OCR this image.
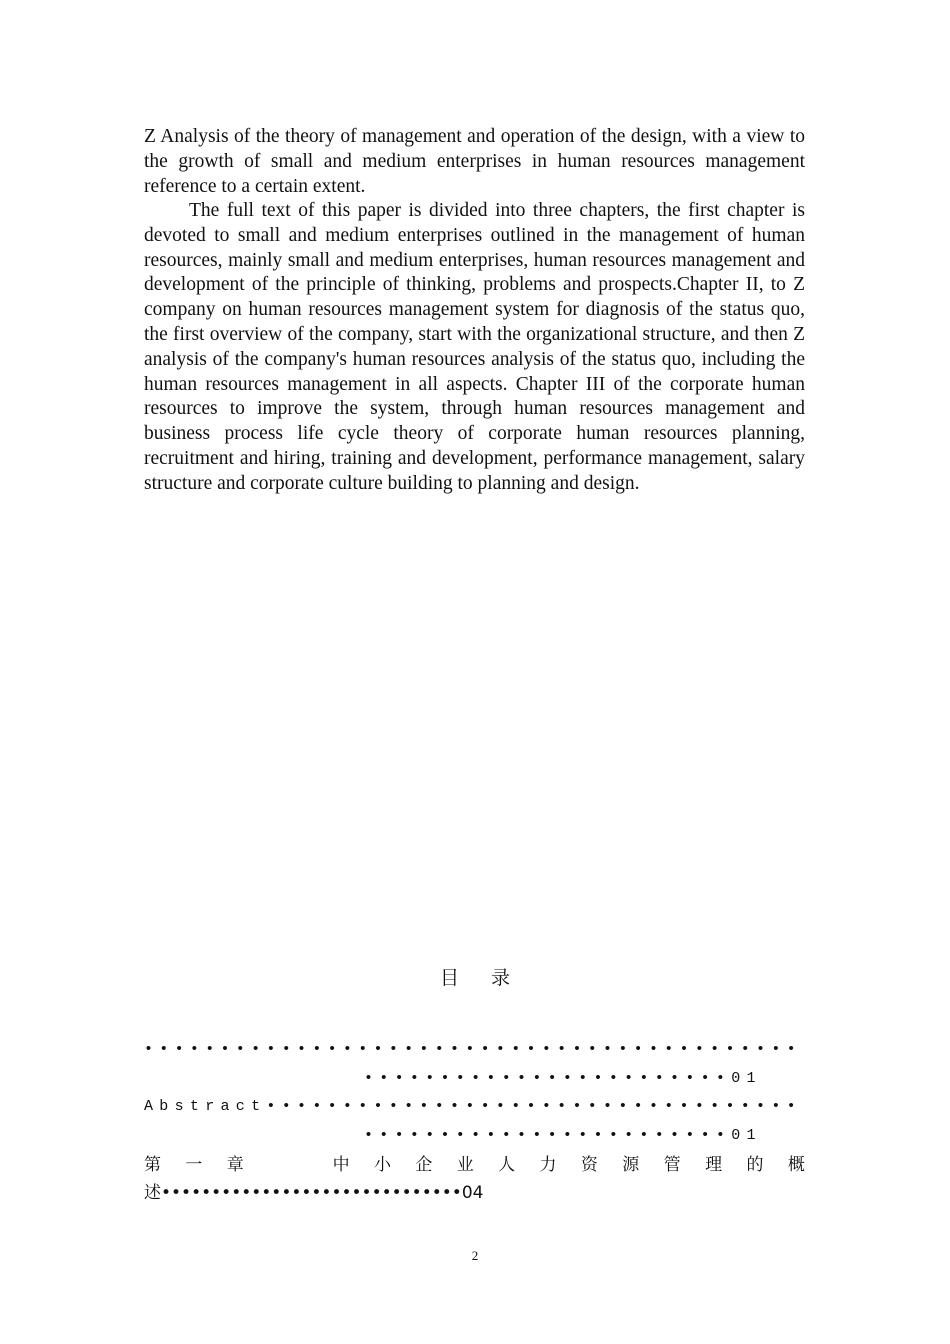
Z Analysis of the theory of management and operation of the design, with a view to the growth of small and medium enterprises in human resources management reference to a certain extent.
The full text of this paper is divided into three chapters, the first chapter is devoted to small and medium enterprises outlined in the management of human resources, mainly small and medium enterprises, human resources management and development of the principle of thinking, problems and prospects.Chapter II, to Z company on human resources management system for diagnosis of the status quo, the first overview of the company, start with the organizational structure, and then Z analysis of the company's human resources analysis of the status quo, including the human resources management in all aspects. Chapter III of the corporate human resources to improve the system, through human resources management and business process life cycle theory of corporate human resources planning, recruitment and hiring, training and development, performance management, salary structure and corporate culture building to planning and design.
目 录
•••••••••••••••••••••••••••••••••••••••••••
••••••••••••••••••••••••01
Abstract•••••••••••••••••••••••••••••••••••
••••••••••••••••••••••••01
第 一 章	中 小 企 业 人 力 资 源 管 理 的 概
述••••••••••••••••••••••••••••••04
2
